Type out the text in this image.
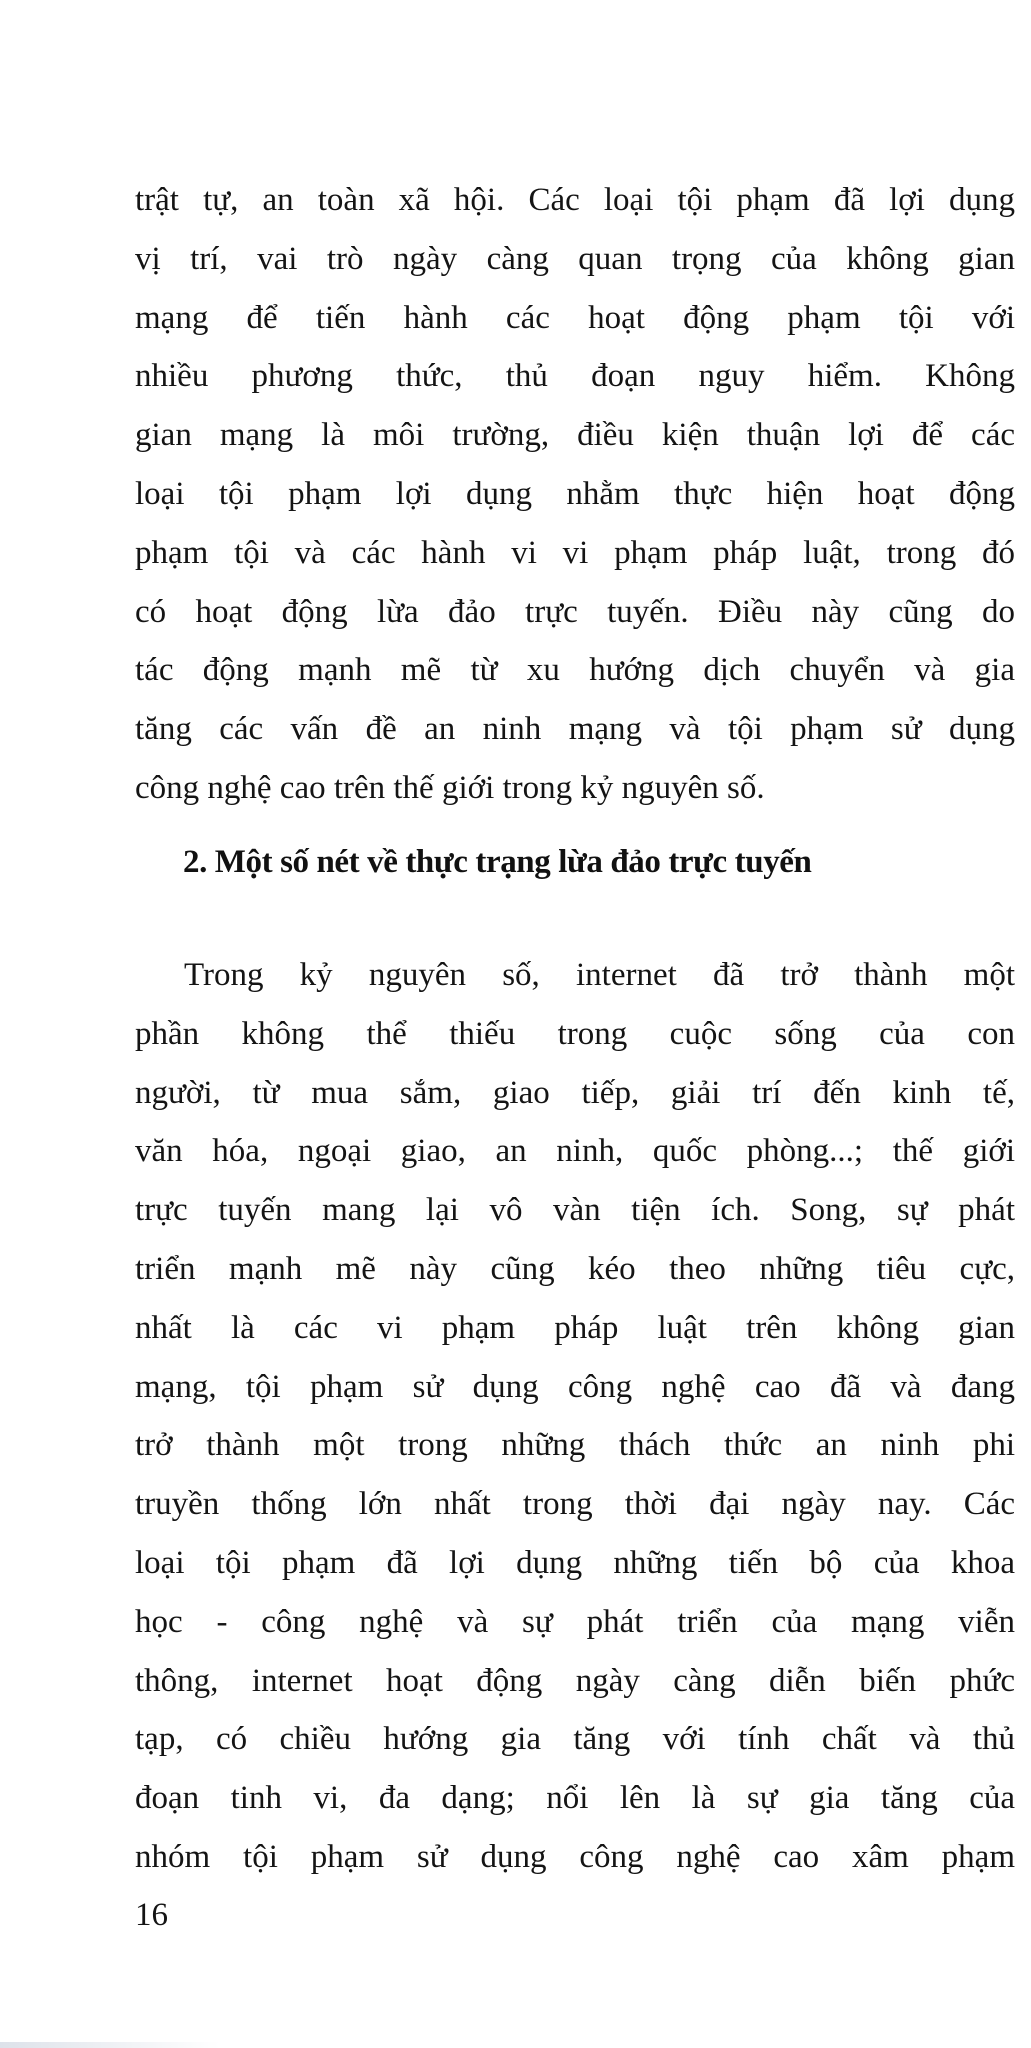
trật tự, an toàn xã hội. Các loại tội phạm đã lợi dụng
vị trí, vai trò ngày càng quan trọng của không gian
mạng để tiến hành các hoạt động phạm tội với
nhiều phương thức, thủ đoạn nguy hiểm. Không
gian mạng là môi trường, điều kiện thuận lợi để các
loại tội phạm lợi dụng nhằm thực hiện hoạt động
phạm tội và các hành vi vi phạm pháp luật, trong đó
có hoạt động lừa đảo trực tuyến. Điều này cũng do
tác động mạnh mẽ từ xu hướng dịch chuyển và gia
tăng các vấn đề an ninh mạng và tội phạm sử dụng
công nghệ cao trên thế giới trong kỷ nguyên số.
2. Một số nét về thực trạng lừa đảo trực tuyến
Trong kỷ nguyên số, internet đã trở thành một
phần không thể thiếu trong cuộc sống của con
người, từ mua sắm, giao tiếp, giải trí đến kinh tế,
văn hóa, ngoại giao, an ninh, quốc phòng...; thế giới
trực tuyến mang lại vô vàn tiện ích. Song, sự phát
triển mạnh mẽ này cũng kéo theo những tiêu cực,
nhất là các vi phạm pháp luật trên không gian
mạng, tội phạm sử dụng công nghệ cao đã và đang
trở thành một trong những thách thức an ninh phi
truyền thống lớn nhất trong thời đại ngày nay. Các
loại tội phạm đã lợi dụng những tiến bộ của khoa
học - công nghệ và sự phát triển của mạng viễn
thông, internet hoạt động ngày càng diễn biến phức
tạp, có chiều hướng gia tăng với tính chất và thủ
đoạn tinh vi, đa dạng; nổi lên là sự gia tăng của
nhóm tội phạm sử dụng công nghệ cao xâm phạm
16
